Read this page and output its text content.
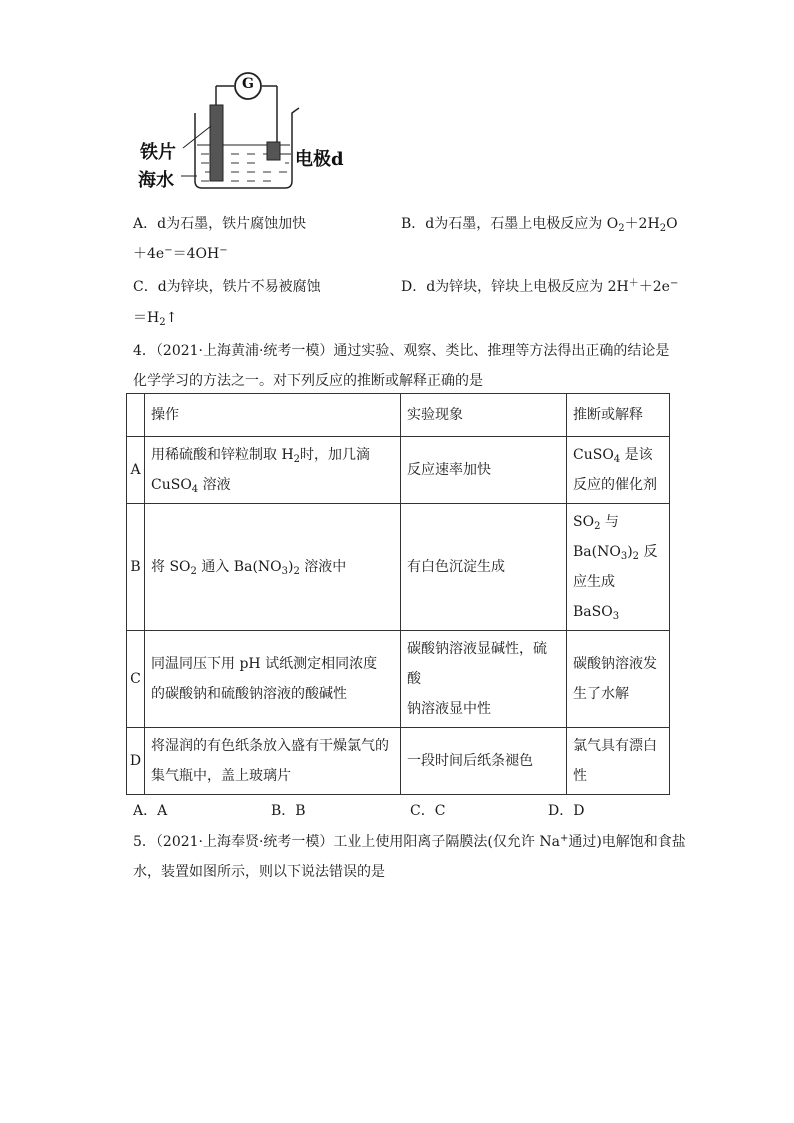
G
铁片
海水
电极d
A．d为石墨，铁片腐蚀加快	B．d为石墨，石墨上电极反应为 $O_2+2H_2O$
＋4e−＝4OH−
C．d为锌块，铁片不易被腐蚀	D．d为锌块，锌块上电极反应为 2H＋＋2e−
$=H_2↑$
4．（2021·上海黄浦·统考一模）通过实验、观察、类比、推理等方法得出正确的结论是
化学学习的方法之一。对下列反应的推断或解释正确的是
	操作	实验现象	推断或解释
A	用稀硫酸和锌粒制取 $H_2$时，加几滴
CuSO$_4$ 溶液	反应速率加快	CuSO$_4$ 是该
反应的催化剂
B	将 $SO_2$ 通入 $Ba(NO_3)_2$ 溶液中	有白色沉淀生成	$SO_2$ 与
$Ba(NO_3)_2$ 反
应生成 BaSO$_3$
C	同温同压下用 pH 试纸测定相同浓度
的碳酸钠和硫酸钠溶液的酸碱性	碳酸钠溶液显碱性，硫酸
钠溶液显中性	碳酸钠溶液发
生了水解
D	将湿润的有色纸条放入盛有干燥氯气的
集气瓶中，盖上玻璃片	一段时间后纸条褪色	氯气具有漂白
性
A．A	B．B	C．C	D．D
5．（2021·上海奉贤·统考一模）工业上使用阳离子隔膜法(仅允许 Na+通过)电解饱和食盐
水，装置如图所示，则以下说法错误的是
